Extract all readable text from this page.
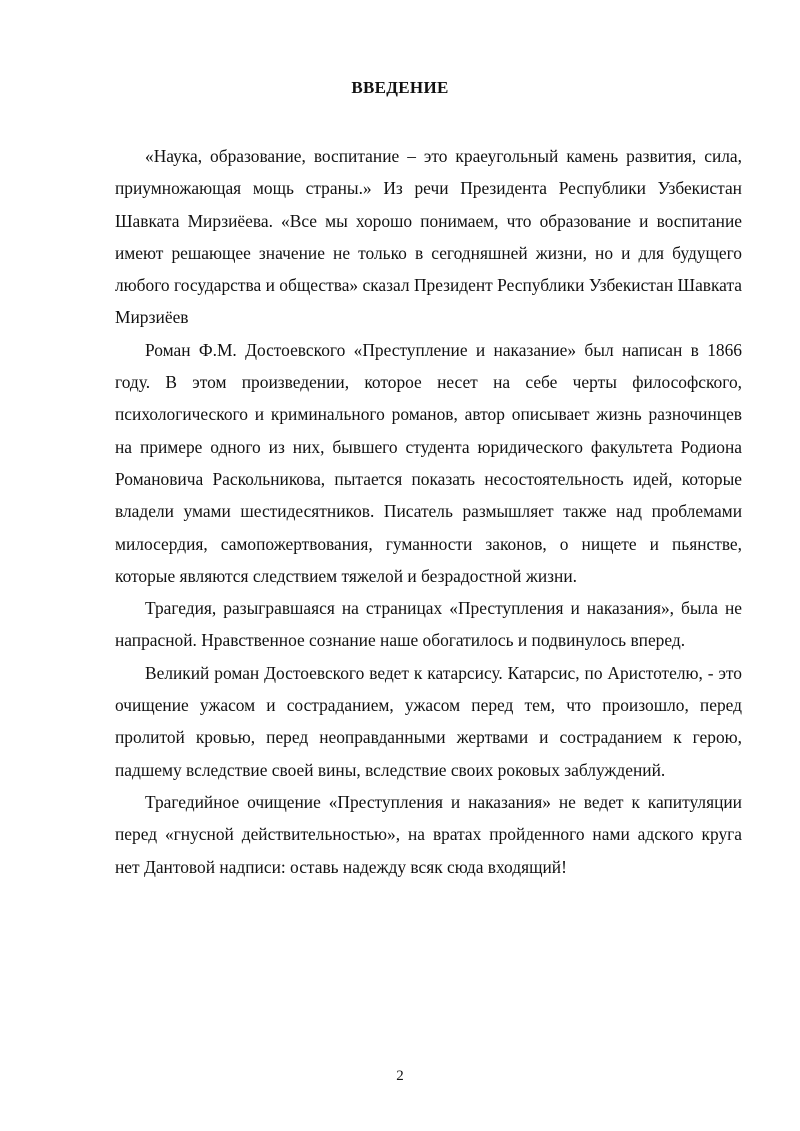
ВВЕДЕНИЕ

«Наука, образование, воспитание – это краеугольный камень развития, сила, приумножающая мощь страны.» Из речи Президента Республики Узбекистан Шавката Мирзиёева. «Все мы хорошо понимаем, что образование и воспитание имеют решающее значение не только в сегодняшней жизни, но и для будущего любого государства и общества» сказал Президент Республики Узбекистан Шавката Мирзиёев

Роман Ф.М. Достоевского «Преступление и наказание» был написан в 1866 году. В этом произведении, которое несет на себе черты философского, психологического и криминального романов, автор описывает жизнь разночинцев на примере одного из них, бывшего студента юридического факультета Родиона Романовича Раскольникова, пытается показать несостоятельность идей, которые владели умами шестидесятников. Писатель размышляет также над проблемами милосердия, самопожертвования, гуманности законов, о нищете и пьянстве, которые являются следствием тяжелой и безрадостной жизни.

Трагедия, разыгравшаяся на страницах «Преступления и наказания», была не напрасной. Нравственное сознание наше обогатилось и подвинулось вперед.

Великий роман Достоевского ведет к катарсису. Катарсис, по Аристотелю, - это очищение ужасом и состраданием, ужасом перед тем, что произошло, перед пролитой кровью, перед неоправданными жертвами и состраданием к герою, падшему вследствие своей вины, вследствие своих роковых заблуждений.

Трагедийное очищение «Преступления и наказания» не ведет к капитуляции перед «гнусной действительностью», на вратах пройденного нами адского круга нет Дантовой надписи: оставь надежду всяк сюда входящий!

2
